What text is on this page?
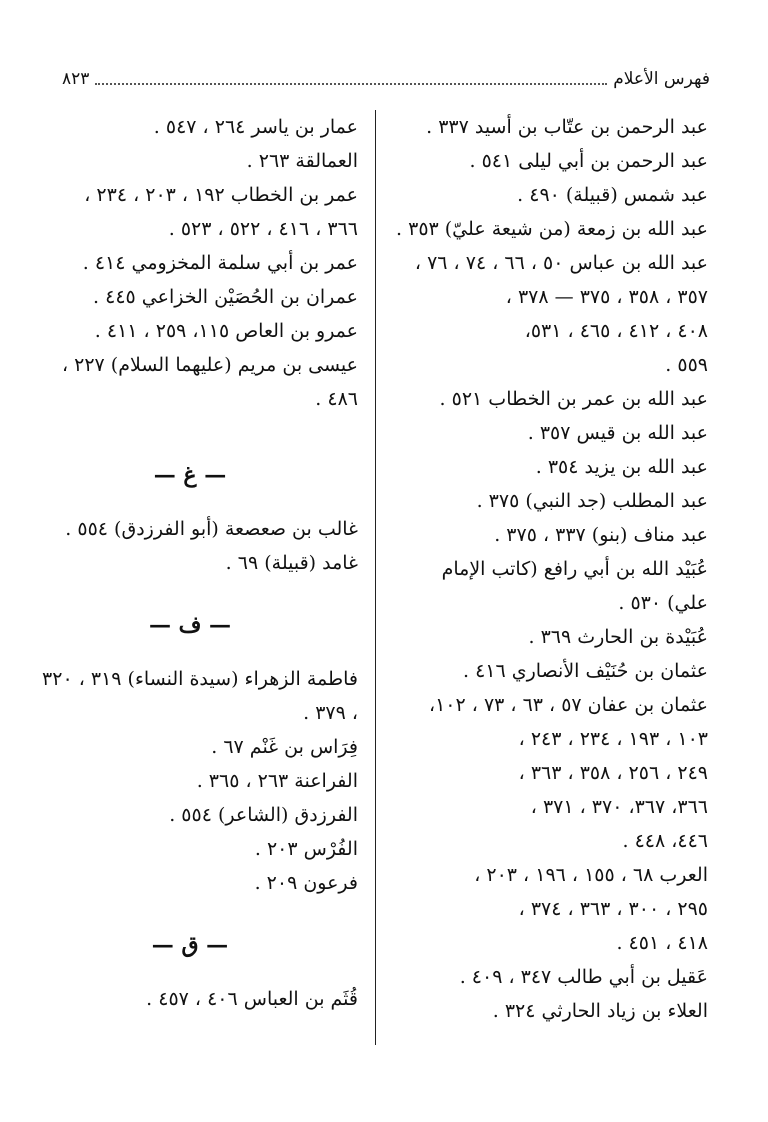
فهرس الأعلام
٨٢٣
عبد الرحمن بن عتّاب بن أسيد ٣٣٧ .
عبد الرحمن بن أبي ليلى ٥٤١ .
عبد شمس (قبيلة) ٤٩٠ .
عبد الله بن زمعة (من شيعة عليّ) ٣٥٣ .
عبد الله بن عباس ٥٠ ، ٦٦ ، ٧٤ ، ٧٦ ،
٣٥٧ ، ٣٥٨ ، ٣٧٥ — ٣٧٨ ،
٤٠٨ ، ٤١٢ ، ٤٦٥ ، ٥٣١،
٥٥٩ .
عبد الله بن عمر بن الخطاب ٥٢١ .
عبد الله بن قيس ٣٥٧ .
عبد الله بن يزيد ٣٥٤ .
عبد المطلب (جد النبي) ٣٧٥ .
عبد مناف (بنو) ٣٣٧ ، ٣٧٥ .
عُبَيْد الله بن أبي رافع (كاتب الإمام
علي) ٥٣٠ .
عُبَيْدة بن الحارث ٣٦٩ .
عثمان بن حُنَيْف الأنصاري ٤١٦ .
عثمان بن عفان ٥٧ ، ٦٣ ، ٧٣ ، ١٠٢،
١٠٣ ، ١٩٣ ، ٢٣٤ ، ٢٤٣ ،
٢٤٩ ، ٢٥٦ ، ٣٥٨ ، ٣٦٣ ،
٣٦٦، ٣٦٧، ٣٧٠ ، ٣٧١ ،
٤٤٦، ٤٤٨ .
العرب ٦٨ ، ١٥٥ ، ١٩٦ ، ٢٠٣ ،
٢٩٥ ، ٣٠٠ ، ٣٦٣ ، ٣٧٤ ،
٤١٨ ، ٤٥١ .
عَقيل بن أبي طالب ٣٤٧ ، ٤٠٩ .
العلاء بن زياد الحارثي ٣٢٤ .
عمار بن ياسر ٢٦٤ ، ٥٤٧ .
العمالقة ٢٦٣ .
عمر بن الخطاب ١٩٢ ، ٢٠٣ ، ٢٣٤ ،
٣٦٦ ، ٤١٦ ، ٥٢٢ ، ٥٢٣ .
عمر بن أبي سلمة المخزومي ٤١٤ .
عمران بن الحُصَيْن الخزاعي ٤٤٥ .
عمرو بن العاص ١١٥، ٢٥٩ ، ٤١١ .
عيسى بن مريم (عليهما السلام) ٢٢٧ ،
٤٨٦ .
— غ —
غالب بن صعصعة (أبو الفرزدق) ٥٥٤ .
غامد (قبيلة) ٦٩ .
— ف —
فاطمة الزهراء (سيدة النساء) ٣١٩ ، ٣٢٠
، ٣٧٩ .
فِرَاس بن غَنْم ٦٧ .
الفراعنة ٢٦٣ ، ٣٦٥ .
الفرزدق (الشاعر) ٥٥٤ .
الفُرْس ٢٠٣ .
فرعون ٢٠٩ .
— ق —
قُثَم بن العباس ٤٠٦ ، ٤٥٧ .
